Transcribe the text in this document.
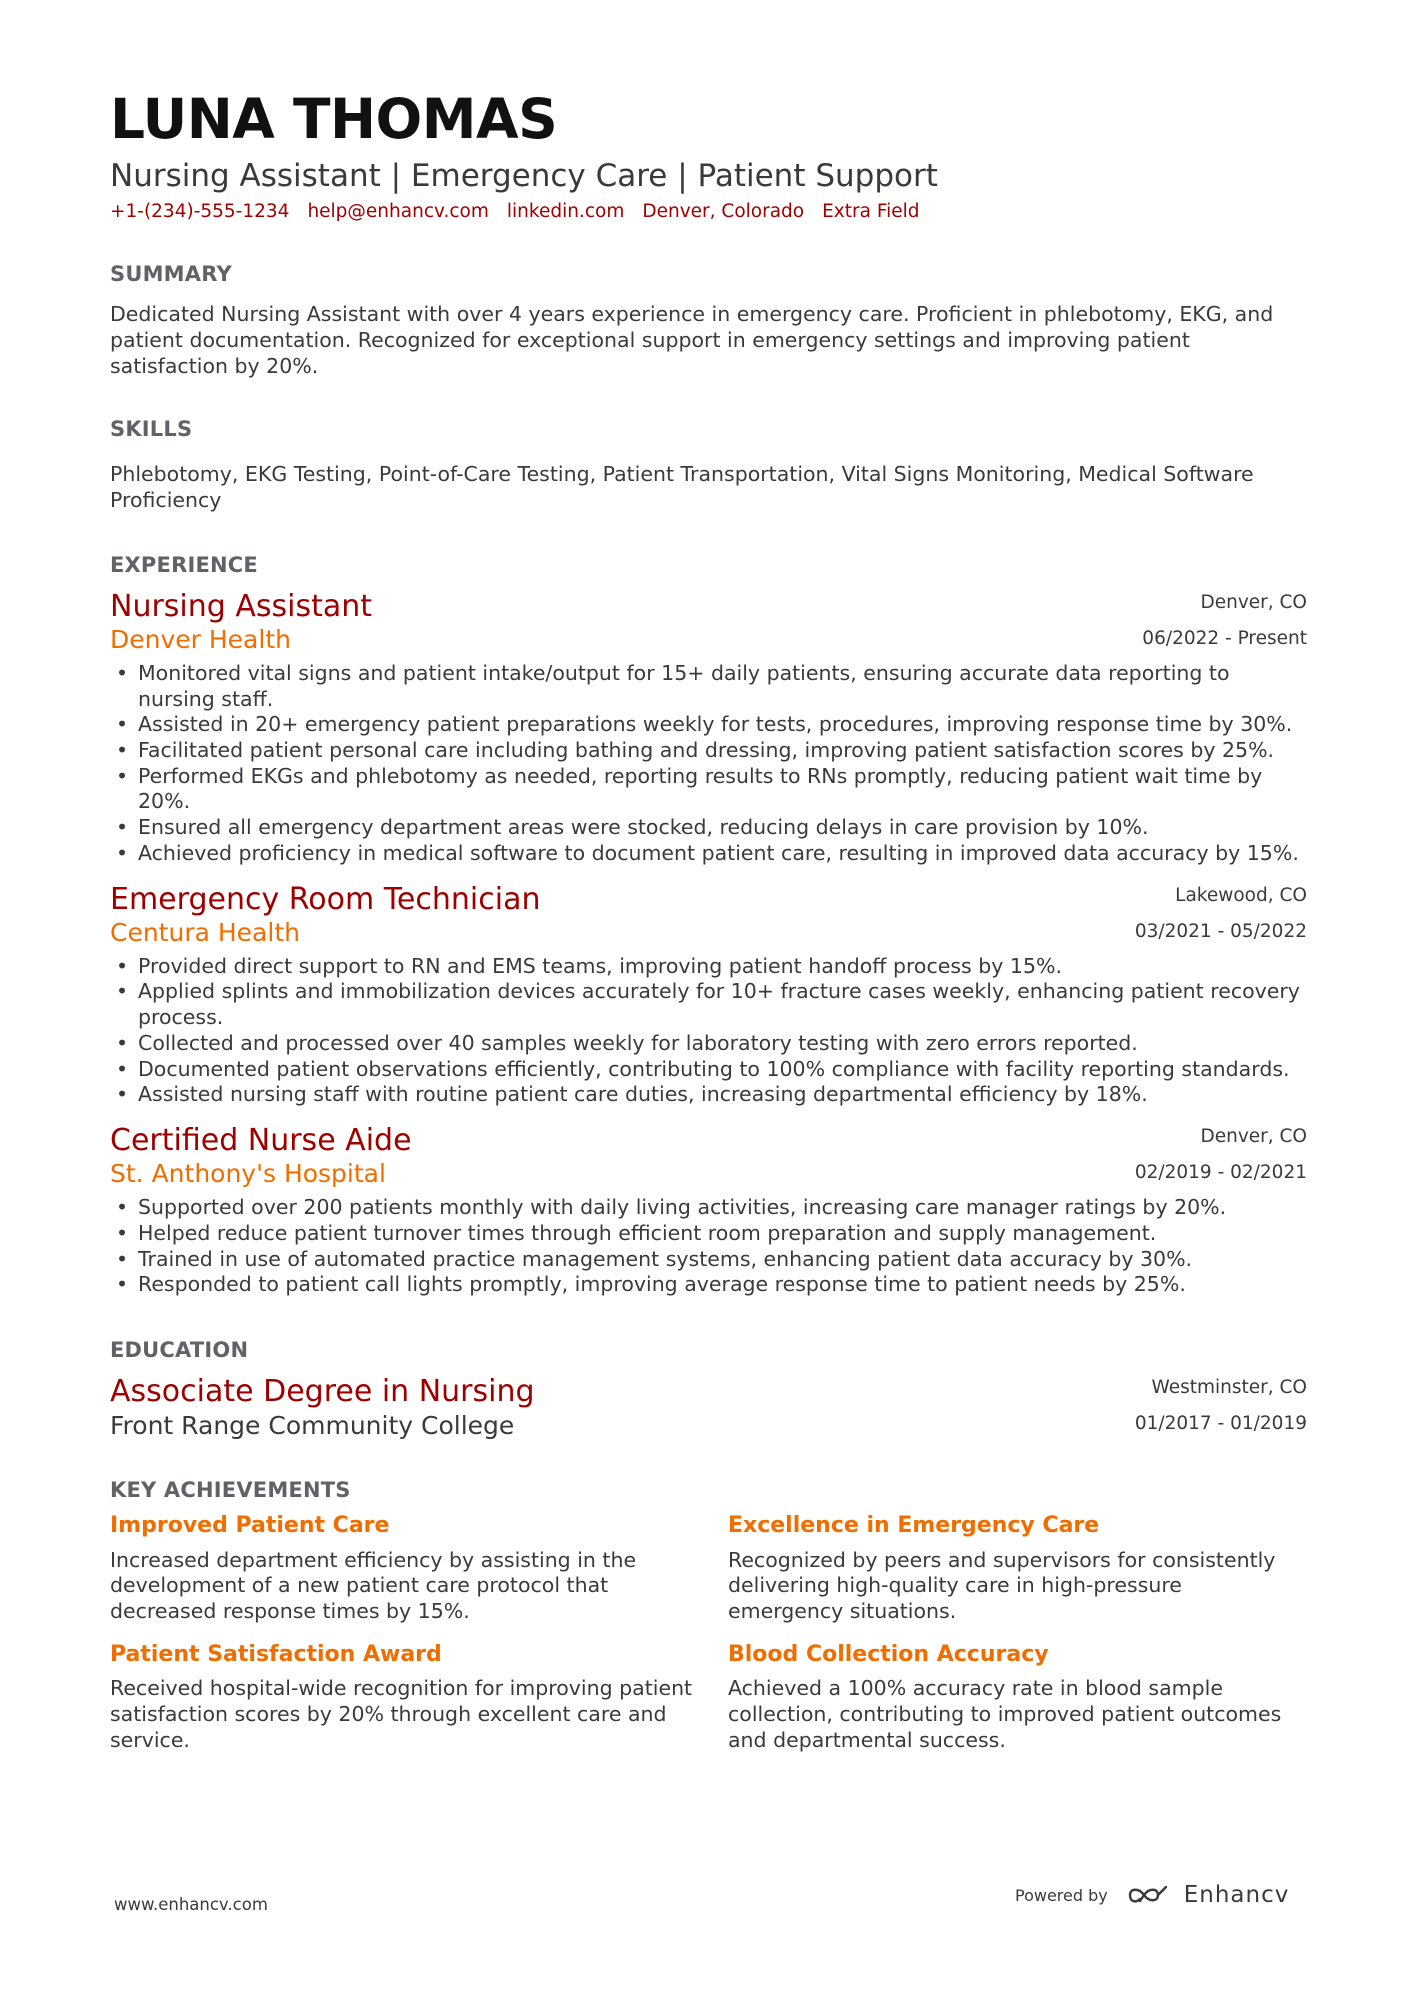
LUNA THOMAS
Nursing Assistant | Emergency Care | Patient Support
+1-(234)-555-1234 help@enhancv.com linkedin.com Denver, Colorado Extra Field
SUMMARY
Dedicated Nursing Assistant with over 4 years experience in emergency care. Proficient in phlebotomy, EKG, and patient documentation. Recognized for exceptional support in emergency settings and improving patient satisfaction by 20%.
SKILLS
Phlebotomy, EKG Testing, Point-of-Care Testing, Patient Transportation, Vital Signs Monitoring, Medical Software Proficiency
EXPERIENCE
Nursing Assistant
Denver Health
Denver, CO
06/2022 - Present
• Monitored vital signs and patient intake/output for 15+ daily patients, ensuring accurate data reporting to nursing staff.
• Assisted in 20+ emergency patient preparations weekly for tests, procedures, improving response time by 30%.
• Facilitated patient personal care including bathing and dressing, improving patient satisfaction scores by 25%.
• Performed EKGs and phlebotomy as needed, reporting results to RNs promptly, reducing patient wait time by 20%.
• Ensured all emergency department areas were stocked, reducing delays in care provision by 10%.
• Achieved proficiency in medical software to document patient care, resulting in improved data accuracy by 15%.
Emergency Room Technician
Centura Health
Lakewood, CO
03/2021 - 05/2022
• Provided direct support to RN and EMS teams, improving patient handoff process by 15%.
• Applied splints and immobilization devices accurately for 10+ fracture cases weekly, enhancing patient recovery process.
• Collected and processed over 40 samples weekly for laboratory testing with zero errors reported.
• Documented patient observations efficiently, contributing to 100% compliance with facility reporting standards.
• Assisted nursing staff with routine patient care duties, increasing departmental efficiency by 18%.
Certified Nurse Aide
St. Anthony's Hospital
Denver, CO
02/2019 - 02/2021
• Supported over 200 patients monthly with daily living activities, increasing care manager ratings by 20%.
• Helped reduce patient turnover times through efficient room preparation and supply management.
• Trained in use of automated practice management systems, enhancing patient data accuracy by 30%.
• Responded to patient call lights promptly, improving average response time to patient needs by 25%.
EDUCATION
Associate Degree in Nursing
Front Range Community College
Westminster, CO
01/2017 - 01/2019
KEY ACHIEVEMENTS
Improved Patient Care
Increased department efficiency by assisting in the development of a new patient care protocol that decreased response times by 15%.
Excellence in Emergency Care
Recognized by peers and supervisors for consistently delivering high-quality care in high-pressure emergency situations.
Patient Satisfaction Award
Received hospital-wide recognition for improving patient satisfaction scores by 20% through excellent care and service.
Blood Collection Accuracy
Achieved a 100% accuracy rate in blood sample collection, contributing to improved patient outcomes and departmental success.
www.enhancv.com	Powered by	Enhancv
